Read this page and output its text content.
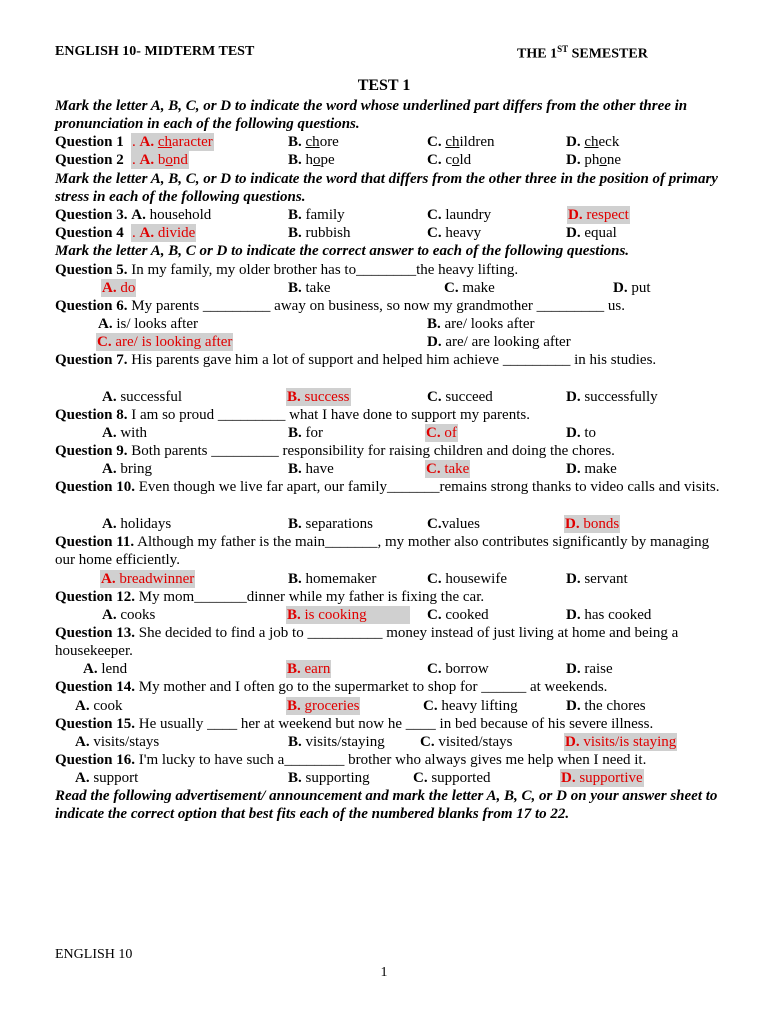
ENGLISH 10- MIDTERM TEST	THE 1ST SEMESTER
TEST 1
Mark the letter A, B, C, or D to indicate the word whose underlined part differs from the other three in pronunciation in each of the following questions.
Question 1 . A. character	B. chore	C. children	D. check
Question 2 . A. bond	B. hope	C. cold	D. phone
Mark the letter A, B, C, or D to indicate the word that differs from the other three in the position of primary stress in each of the following questions.
Question 3. A. household	B. family	C. laundry	D. respect
Question 4 . A. divide	B. rubbish	C. heavy	D. equal
Mark the letter A, B, C or D to indicate the correct answer to each of the following questions.
Question 5. In my family, my older brother has to________the heavy lifting.
A. do	B. take	C. make	D. put
Question 6. My parents _________ away on business, so now my grandmother _________ us.
A. is/ looks after	B. are/ looks after
C. are/ is looking after	D. are/ are looking after
Question 7. His parents gave him a lot of support and helped him achieve _________ in his studies.
A. successful	B. success	C. succeed	D. successfully
Question 8. I am so proud _________ what I have done to support my parents.
A. with	B. for	C. of	D. to
Question 9. Both parents _________ responsibility for raising children and doing the chores.
A. bring	B. have	C. take	D. make
Question 10. Even though we live far apart, our family_______remains strong thanks to video calls and visits.
A. holidays	B. separations	C.values	D. bonds
Question 11. Although my father is the main_______, my mother also contributes significantly by managing our home efficiently.
A. breadwinner	B. homemaker	C. housewife	D. servant
Question 12. My mom_______dinner while my father is fixing the car.
A. cooks	B. is cooking	C. cooked	D. has cooked
Question 13. She decided to find a job to __________ money instead of just living at home and being a housekeeper.
A. lend	B. earn	C. borrow	D. raise
Question 14. My mother and I often go to the supermarket to shop for ______ at weekends.
A. cook	B. groceries	C. heavy lifting	D. the chores
Question 15. He usually ____ her at weekend but now he ____ in bed because of his severe illness.
A. visits/stays	B. visits/staying C. visited/stays	D. visits/is staying
Question 16. I'm lucky to have such a________ brother who always gives me help when I need it.
A. support	B. supporting	C. supported	D. supportive
Read the following advertisement/ announcement and mark the letter A, B, C, or D on your answer sheet to indicate the correct option that best fits each of the numbered blanks from 17 to 22.
ENGLISH 10
1
